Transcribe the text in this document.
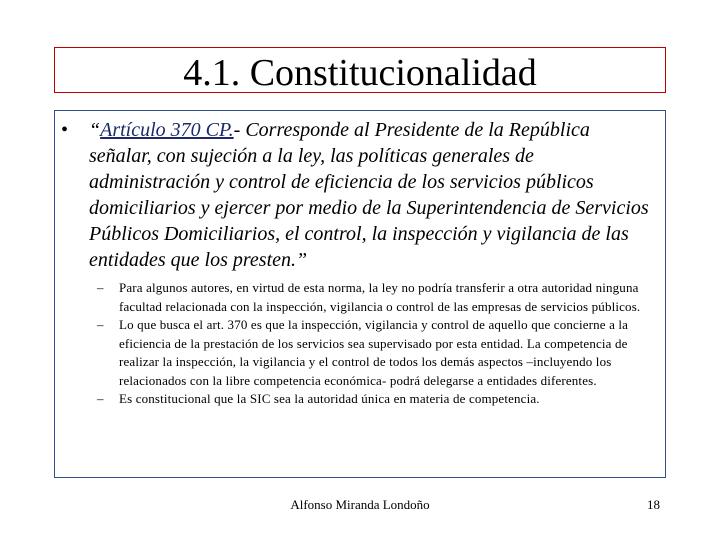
4.1. Constitucionalidad
• “Artículo 370 CP.- Corresponde al Presidente de la República señalar, con sujeción a la ley, las políticas generales de administración y control de eficiencia de los servicios públicos domiciliarios y ejercer por medio de la Superintendencia de Servicios Públicos Domiciliarios, el control, la inspección y vigilancia de las entidades que los presten.”
– Para algunos autores, en virtud de esta norma, la ley no podría transferir a otra autoridad ninguna facultad relacionada con la inspección, vigilancia o control de las empresas de servicios públicos.
– Lo que busca el art. 370 es que la inspección, vigilancia y control de aquello que concierne a la eficiencia de la prestación de los servicios sea supervisado por esta entidad. La competencia de realizar la inspección, la vigilancia y el control de todos los demás aspectos –incluyendo los relacionados con la libre competencia económica- podrá delegarse a entidades diferentes.
– Es constitucional que la SIC sea la autoridad única en materia de competencia.
Alfonso Miranda Londoño	18
